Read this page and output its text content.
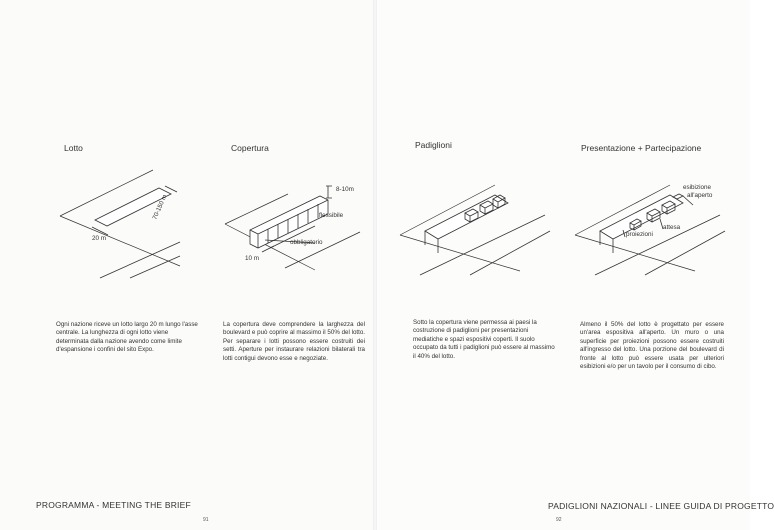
Lotto	Copertura	Padiglioni	Presentazione + Partecipazione
20 m
70-150 m
8-10m
flessibile
obbligatorio
10 m
esibizione
all'aperto
attesa
proiezioni
Ogni nazione riceve un lotto largo 20 m lungo l'asse centrale. La lunghezza di ogni lotto viene determinata dalla nazione avendo come limite d'espansione i confini del sito Expo.
La copertura deve comprendere la larghezza del boulevard e può coprire al massimo il 50% del lotto. Per separare i lotti possono essere costruiti dei setti. Aperture per instaurare relazioni bilaterali tra lotti contigui devono esse e negoziate.
Sotto la copertura viene permessa ai paesi la costruzione di padiglioni per presentazioni mediatiche e spazi espositivi coperti. Il suolo occupato da tutti i padiglioni può essere al massimo il 40% del lotto.
Almeno il 50% del lotto è progettato per essere un'area espositiva all'aperto. Un muro o una superficie per proiezioni possono essere costruiti all'ingresso del lotto. Una porzione del boulevard di fronte al lotto può essere usata per ulteriori esibizioni e/o per un tavolo per il consumo di cibo.
PROGRAMMA - MEETING THE BRIEF
91
PADIGLIONI NAZIONALI - LINEE GUIDA DI PROGETTO
92
